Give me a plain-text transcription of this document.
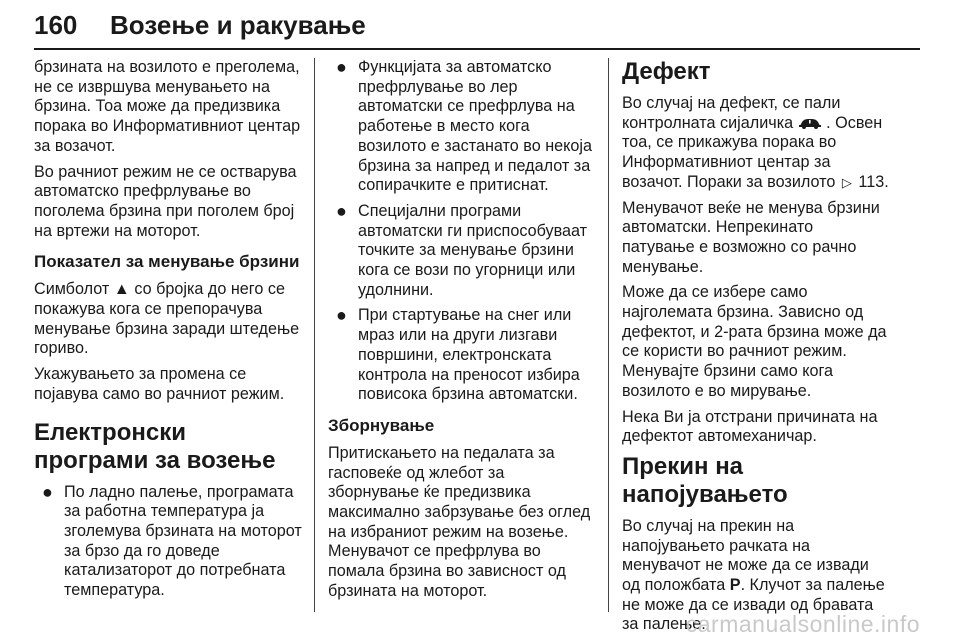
160 Возење и ракување

брзината на возилото е преголема, не се извршува менувањето на брзина. Тоа може да предизвика порака во Информативниот центар за возачот.

Во рачниот режим не се остварува автоматско префрлување во поголема брзина при поголем број на вртежи на моторот.

Показател за менување брзини

Симболот ▲ со бројка до него се покажува кога се препорачува менување брзина заради штедење гориво.

Укажувањето за промена се појавува само во рачниот режим.

Електронски програми за возење
● По ладно палење, програмата за работна температура ја зголемува брзината на моторот за брзо да го доведе катализаторот до потребната температура.
● Функцијата за автоматско префрлување во лер автоматски се префрлува на работење в место кога возилото е застанато во некоја брзина за напред и педалот за сопирачките е притиснат.
● Специјални програми автоматски ги приспособуваат точките за менување брзини кога се вози по угорници или удолнини.
● При стартување на снег или мраз или на други лизгави површини, електронската контрола на преносот избира повисока брзина автоматски.
Зборнување

Притискањето на педалата за гасповеќе од жлебот за зборнување ќе предизвика максимално забрзување без оглед на избраниот режим на возење. Менувачот се префрлува во помала брзина во зависност од брзината на моторот.

Дефект

Во случај на дефект, се пали контролната сијаличка . Освен тоа, се прикажува порака во Информативниот центар за возачот. Пораки за возилото ▷ 113.

Менувачот веќе не менува брзини автоматски. Непрекинато патување е возможно со рачно менување.

Може да се избере само најголемата брзина. Зависно од дефектот, и 2-рата брзина може да се користи во рачниот режим. Менувајте брзини само кога возилото е во мирување.

Нека Ви ја отстрани причината на дефектот автомеханичар.

Прекин на напојувањето

Во случај на прекин на напојувањето рачката на менувачот не може да се извади од положбата P. Клучот за палење не може да се извади од бравата за палење.

carmanualsonline.info
